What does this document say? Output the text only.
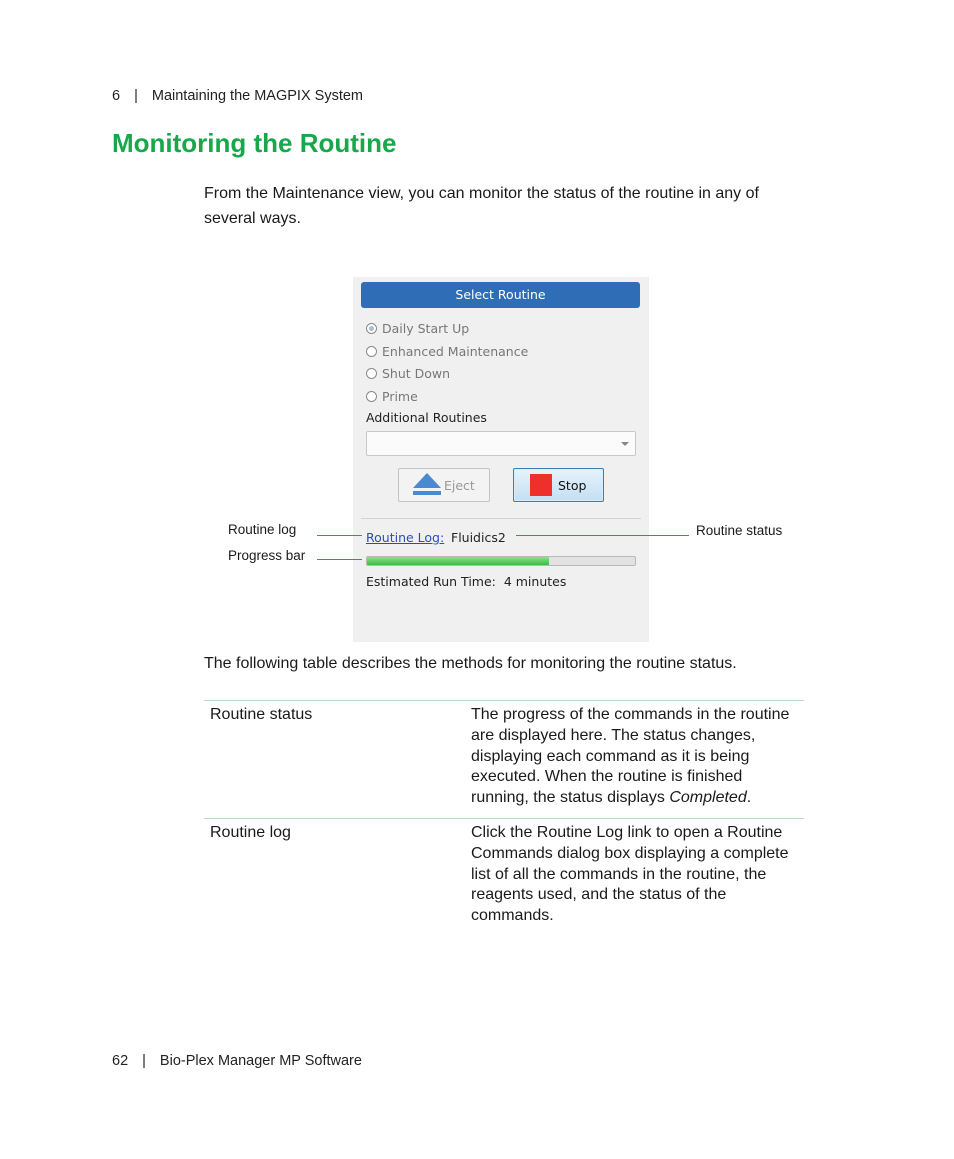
6 | Maintaining the MAGPIX System
Monitoring the Routine

From the Maintenance view, you can monitor the status of the routine in any of several ways.

Select Routine
Daily Start Up
Enhanced Maintenance
Shut Down
Prime
Additional Routines
Eject	Stop
Routine Log: Fluidics2
Estimated Run Time: 4 minutes
Routine log
Progress bar
Routine status

The following table describes the methods for monitoring the routine status.

Routine status	The progress of the commands in the routine are displayed here. The status changes, displaying each command as it is being executed. When the routine is finished running, the status displays Completed.
Routine log	Click the Routine Log link to open a Routine Commands dialog box displaying a complete list of all the commands in the routine, the reagents used, and the status of the commands.
62 | Bio-Plex Manager MP Software
